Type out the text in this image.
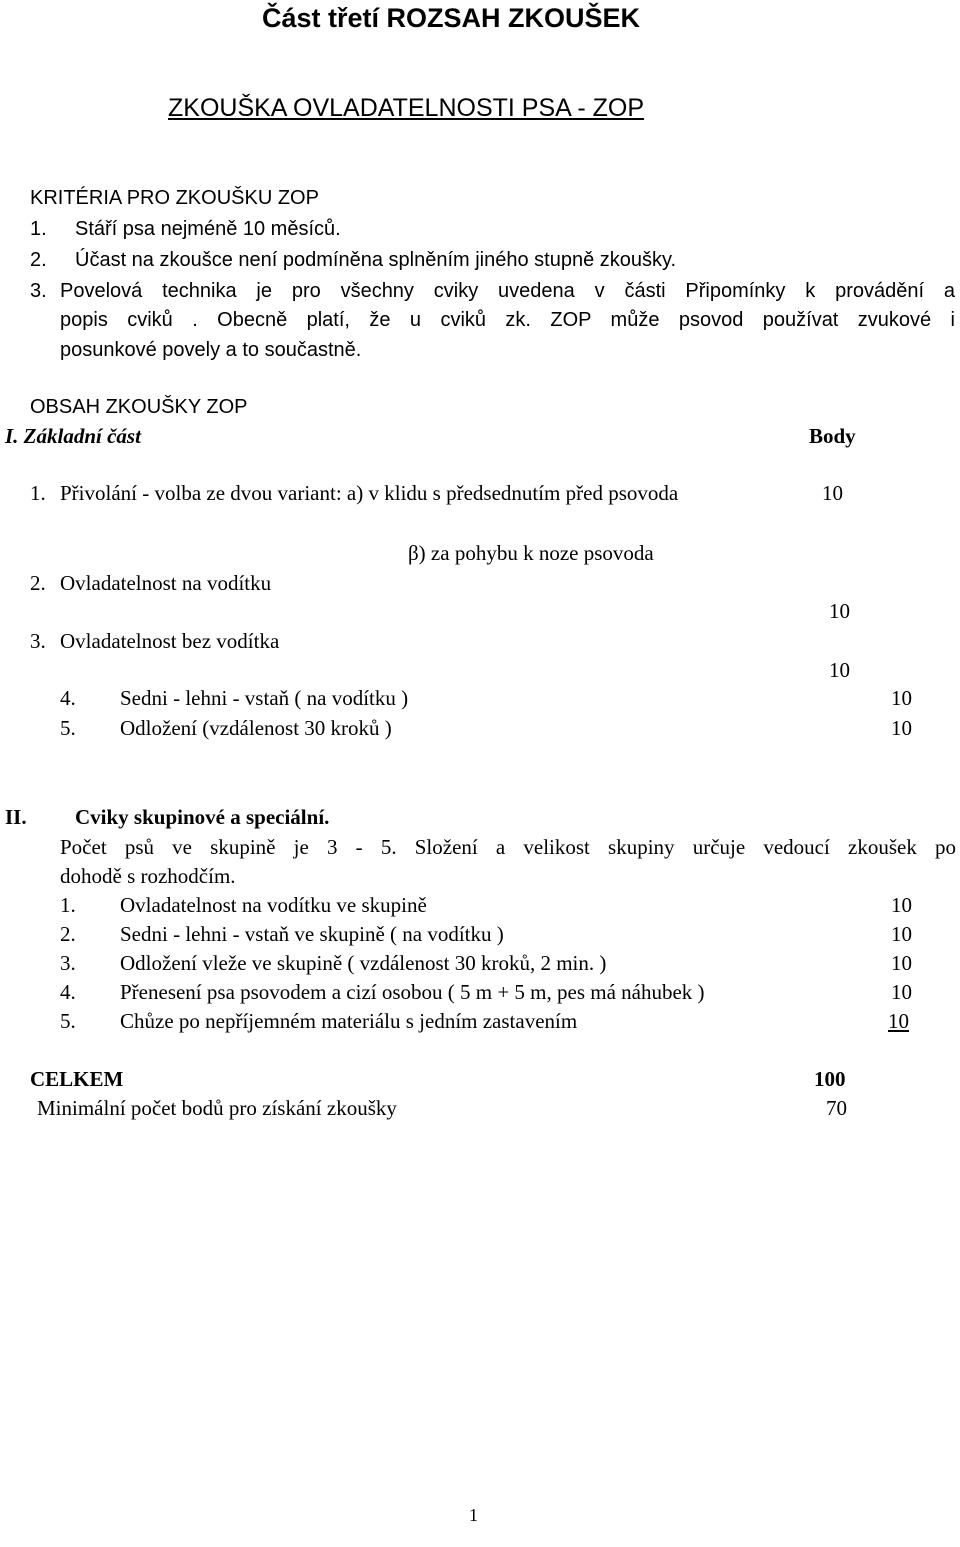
Část třetí ROZSAH ZKOUŠEK
ZKOUŠKA OVLADATELNOSTI PSA - ZOP
KRITÉRIA PRO ZKOUŠKU ZOP
1. Stáří psa nejméně 10 měsíců.
2. Účast na zkoušce není podmíněna splněním jiného stupně zkoušky.
3. Povelová technika je pro všechny cviky uvedena v části Připomínky k provádění a
popis cviků . Obecně platí, že u cviků zk. ZOP může psovod používat zvukové i
posunkové povely a to součastně.
OBSAH ZKOUŠKY ZOP
I. Základní část	Body
1. Přivolání - volba ze dvou variant: a) v klidu s předsednutím před psovoda	10
β) za pohybu k noze psovoda
2. Ovladatelnost na vodítku
10
3. Ovladatelnost bez vodítka
10
4. Sedni - lehni - vstaň ( na vodítku )	10
5. Odložení (vzdálenost 30 kroků )	10
II. Cviky skupinové a speciální.
Počet psů ve skupině je 3 - 5. Složení a velikost skupiny určuje vedoucí zkoušek po
dohodě s rozhodčím.
1. Ovladatelnost na vodítku ve skupině	10
2. Sedni - lehni - vstaň ve skupině ( na vodítku )	10
3. Odložení vleže ve skupině ( vzdálenost 30 kroků, 2 min. )	10
4. Přenesení psa psovodem a cizí osobou ( 5 m + 5 m, pes má náhubek )	10
5. Chůze po nepříjemném materiálu s jedním zastavením	10
CELKEM	100
Minimální počet bodů pro získání zkoušky	70
1
